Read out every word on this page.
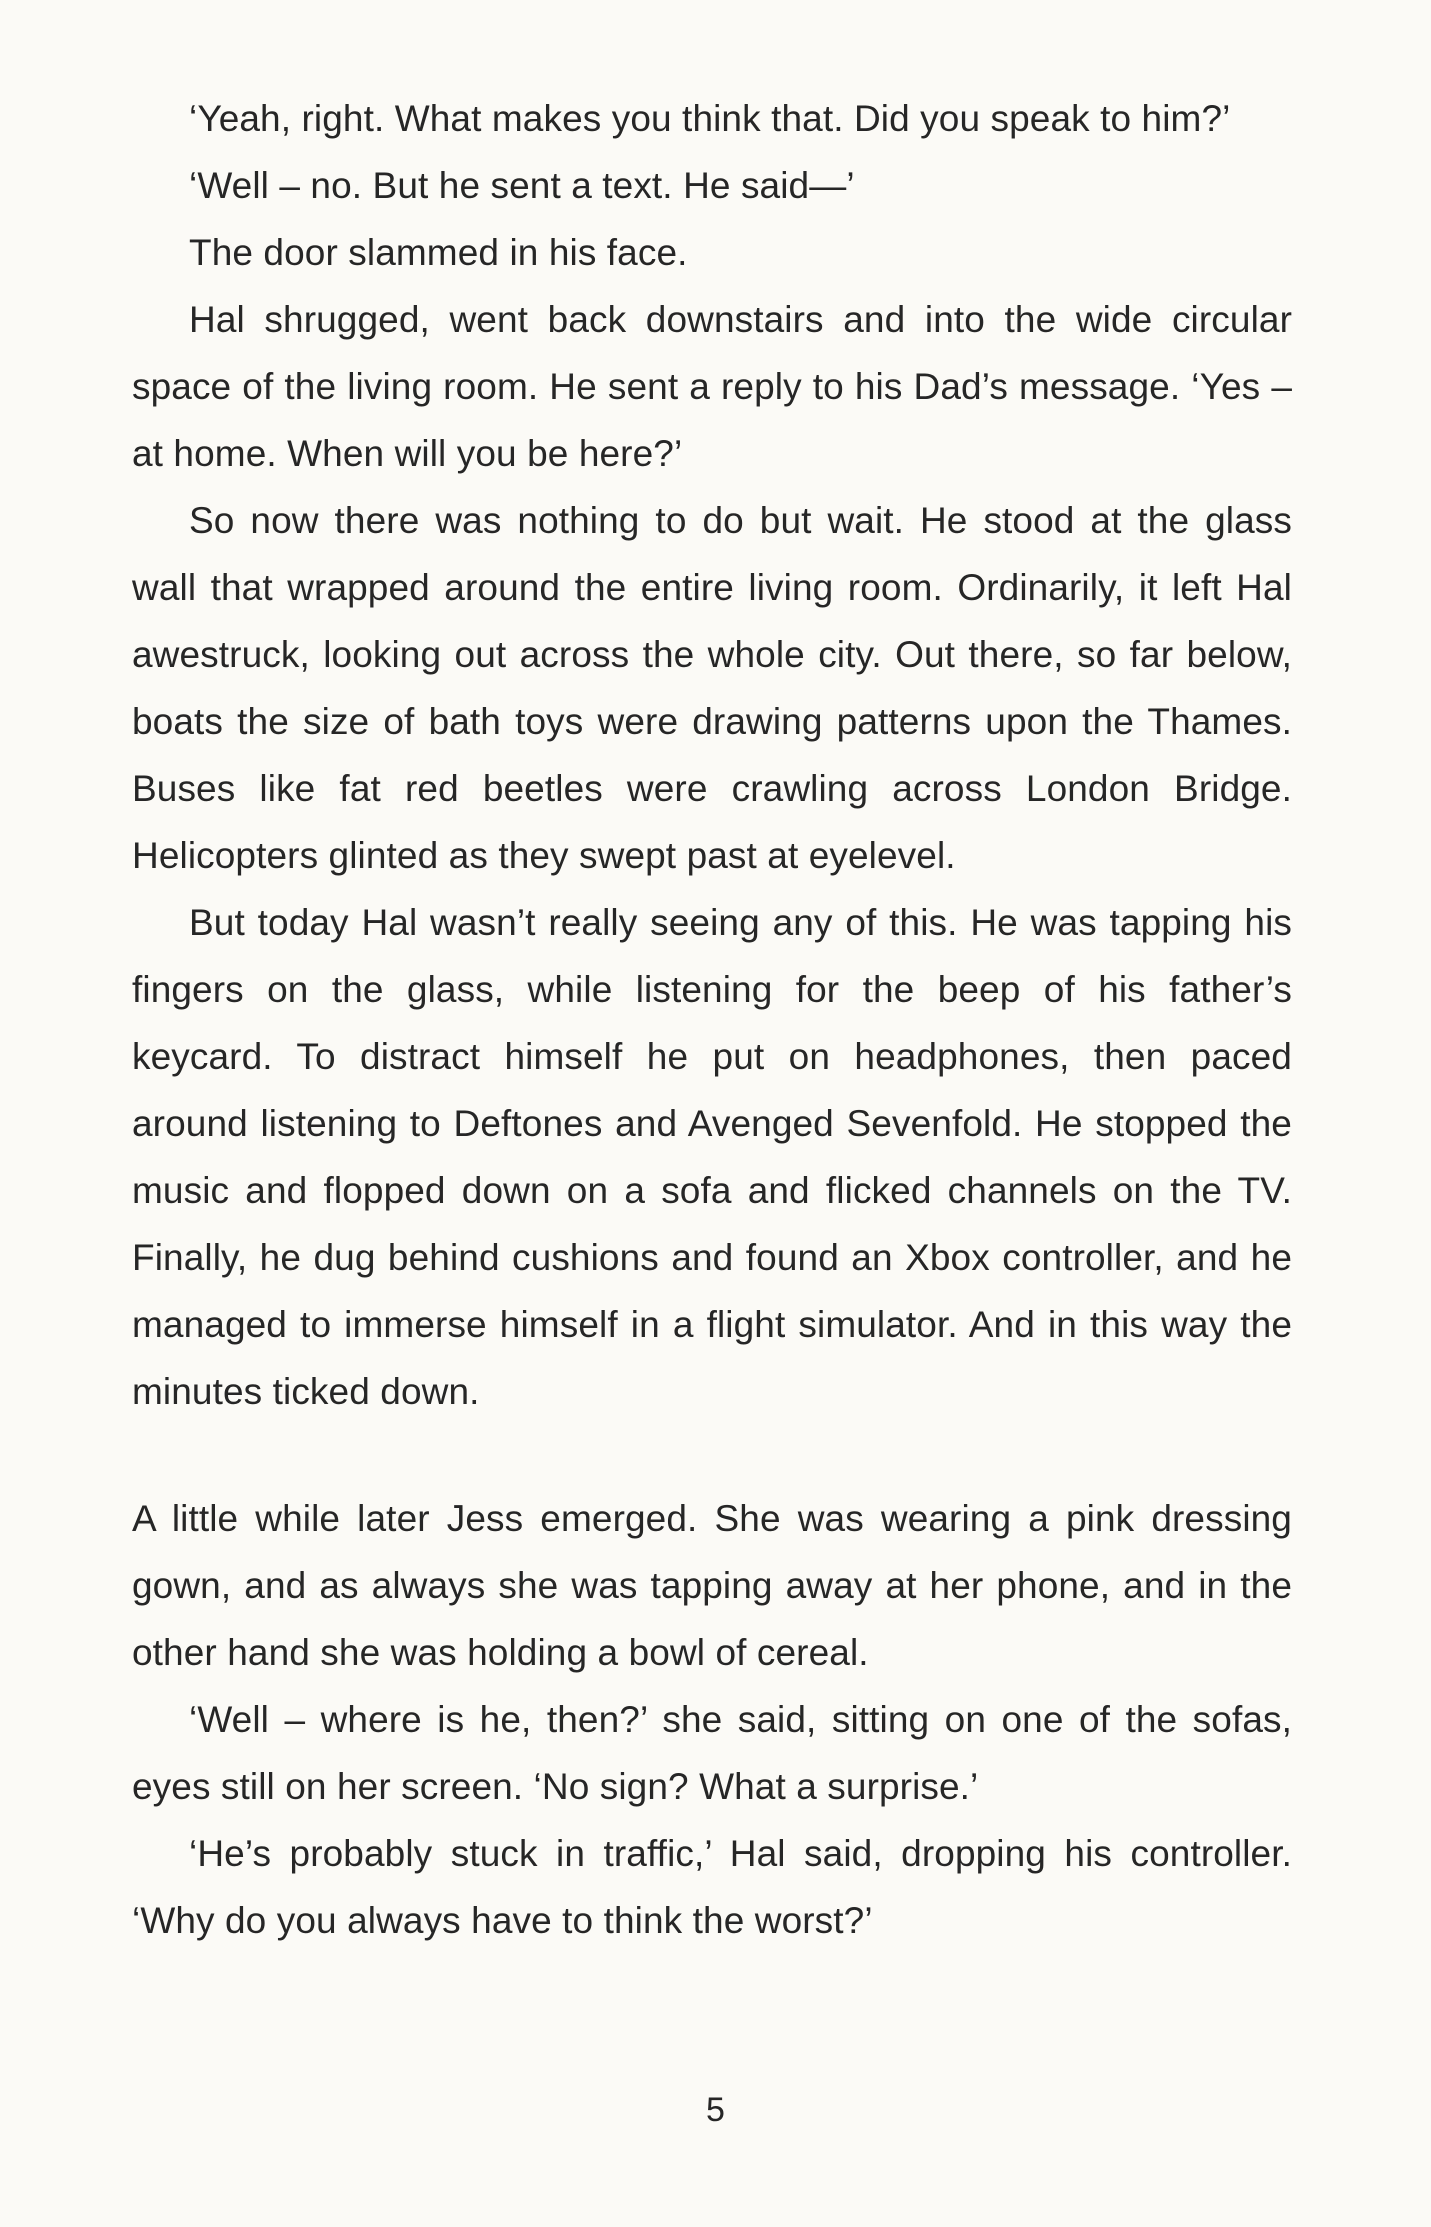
‘Yeah, right. What makes you think that. Did you speak to him?’

‘Well – no. But he sent a text. He said—’

The door slammed in his face.

Hal shrugged, went back downstairs and into the wide circular space of the living room. He sent a reply to his Dad’s message. ‘Yes – at home. When will you be here?’

So now there was nothing to do but wait. He stood at the glass wall that wrapped around the entire living room. Ordinarily, it left Hal awestruck, looking out across the whole city. Out there, so far below, boats the size of bath toys were drawing patterns upon the Thames. Buses like fat red beetles were crawling across London Bridge. Helicopters glinted as they swept past at eyelevel.

But today Hal wasn’t really seeing any of this. He was tapping his fingers on the glass, while listening for the beep of his father’s keycard. To distract himself he put on headphones, then paced around listening to Deftones and Avenged Sevenfold. He stopped the music and flopped down on a sofa and flicked channels on the TV. Finally, he dug behind cushions and found an Xbox controller, and he managed to immerse himself in a flight simulator. And in this way the minutes ticked down.

A little while later Jess emerged. She was wearing a pink dressing gown, and as always she was tapping away at her phone, and in the other hand she was holding a bowl of cereal.

‘Well – where is he, then?’ she said, sitting on one of the sofas, eyes still on her screen. ‘No sign? What a surprise.’

‘He’s probably stuck in traffic,’ Hal said, dropping his controller. ‘Why do you always have to think the worst?’

5
